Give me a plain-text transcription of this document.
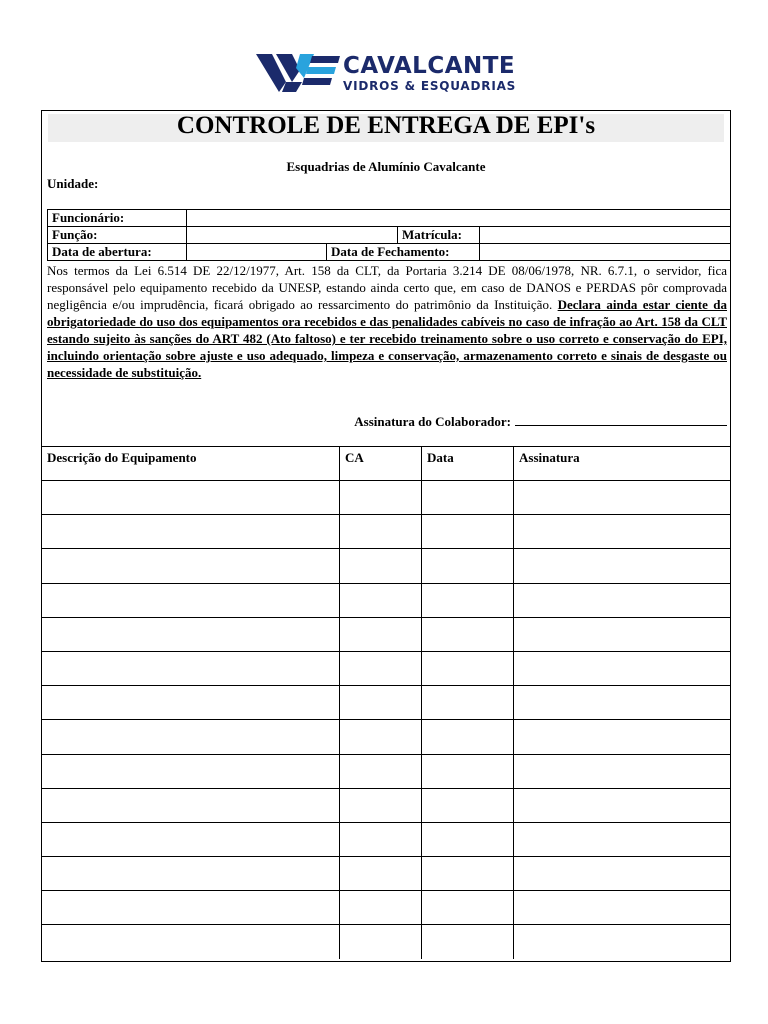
CAVALCANTE
VIDROS & ESQUADRIAS
CONTROLE DE ENTREGA DE EPI's
Esquadrias de Alumínio Cavalcante
Unidade:
Funcionário:
Função:	Matrícula:
Data de abertura:	Data de Fechamento:
Nos termos da Lei 6.514 DE 22/12/1977, Art. 158 da CLT, da Portaria 3.214 DE 08/06/1978, NR. 6.7.1, o servidor, fica responsável pelo equipamento recebido da UNESP, estando ainda certo que, em caso de DANOS e PERDAS pôr comprovada negligência e/ou imprudência, ficará obrigado ao ressarcimento do patrimônio da Instituição. Declara ainda estar ciente da obrigatoriedade do uso dos equipamentos ora recebidos e das penalidades cabíveis no caso de infração ao Art. 158 da CLT estando sujeito às sanções do ART 482 (Ato faltoso) e ter recebido treinamento sobre o uso correto e conservação do EPI, incluindo orientação sobre ajuste e uso adequado, limpeza e conservação, armazenamento correto e sinais de desgaste ou necessidade de substituição.
Assinatura do Colaborador:
Descrição do Equipamento	CA	Data	Assinatura
